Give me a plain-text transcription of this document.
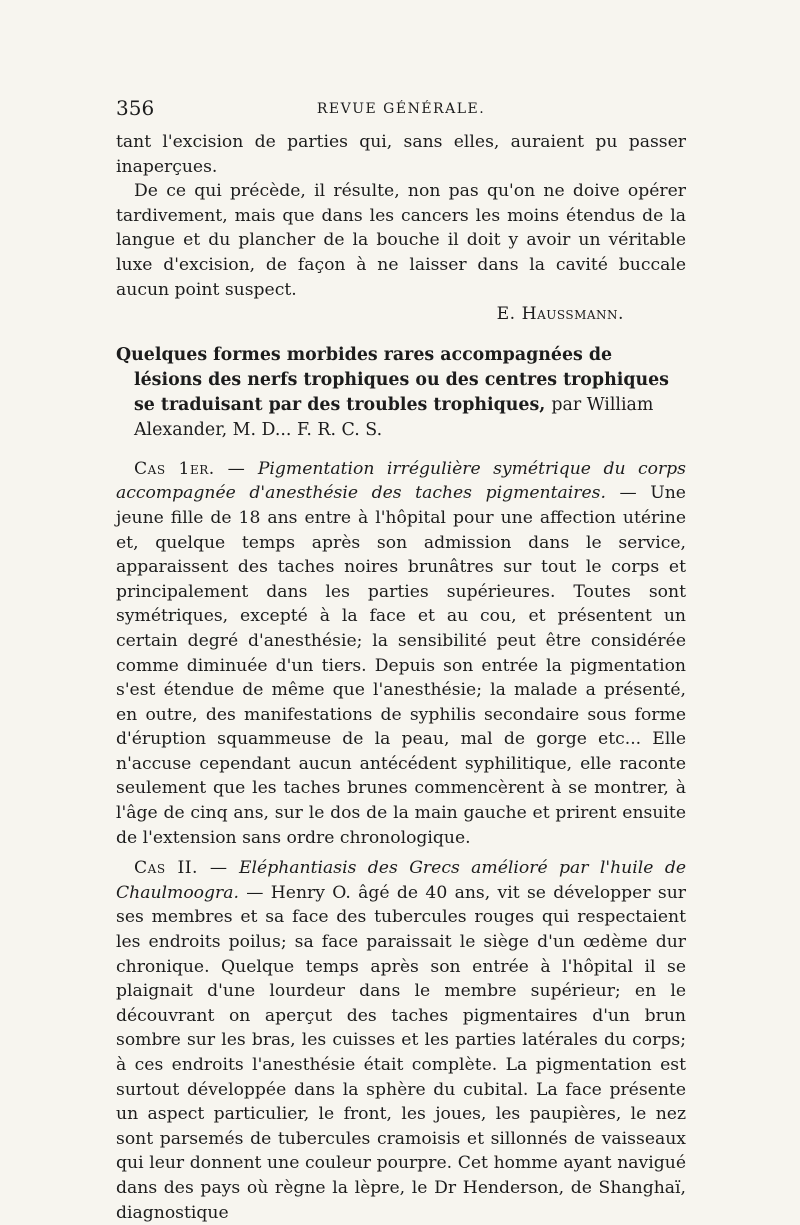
356	REVUE GÉNÉRALE.

tant l'excision de parties qui, sans elles, auraient pu passer inaperçues.

De ce qui précède, il résulte, non pas qu'on ne doive opérer tardivement, mais que dans les cancers les moins étendus de la langue et du plancher de la bouche il doit y avoir un véritable luxe d'excision, de façon à ne laisser dans la cavité buccale aucun point suspect.

E. Haussmann.

Quelques formes morbides rares accompagnées de lésions des nerfs trophiques ou des centres trophiques se traduisant par des troubles trophiques, par William Alexander, M. D... F. R. C. S.

Cas 1er. — Pigmentation irrégulière symétrique du corps accompagnée d'anesthésie des taches pigmentaires. — Une jeune fille de 18 ans entre à l'hôpital pour une affection utérine et, quelque temps après son admission dans le service, apparaissent des taches noires brunâtres sur tout le corps et principalement dans les parties supérieures. Toutes sont symétriques, excepté à la face et au cou, et présentent un certain degré d'anesthésie; la sensibilité peut être considérée comme diminuée d'un tiers. Depuis son entrée la pigmentation s'est étendue de même que l'anesthésie; la malade a présenté, en outre, des manifestations de syphilis secondaire sous forme d'éruption squammeuse de la peau, mal de gorge etc... Elle n'accuse cependant aucun antécédent syphilitique, elle raconte seulement que les taches brunes commencèrent à se montrer, à l'âge de cinq ans, sur le dos de la main gauche et prirent ensuite de l'extension sans ordre chronologique.

Cas II. — Eléphantiasis des Grecs amélioré par l'huile de Chaulmoogra. — Henry O. âgé de 40 ans, vit se développer sur ses membres et sa face des tubercules rouges qui respectaient les endroits poilus; sa face paraissait le siège d'un œdème dur chronique. Quelque temps après son entrée à l'hôpital il se plaignait d'une lourdeur dans le membre supérieur; en le découvrant on aperçut des taches pigmentaires d'un brun sombre sur les bras, les cuisses et les parties latérales du corps; à ces endroits l'anesthésie était complète. La pigmentation est surtout développée dans la sphère du cubital. La face présente un aspect particulier, le front, les joues, les paupières, le nez sont parsemés de tubercules cramoisis et sillonnés de vaisseaux qui leur donnent une couleur pourpre. Cet homme ayant navigué dans des pays où règne la lèpre, le Dr Henderson, de Shanghaï, diagnostique
